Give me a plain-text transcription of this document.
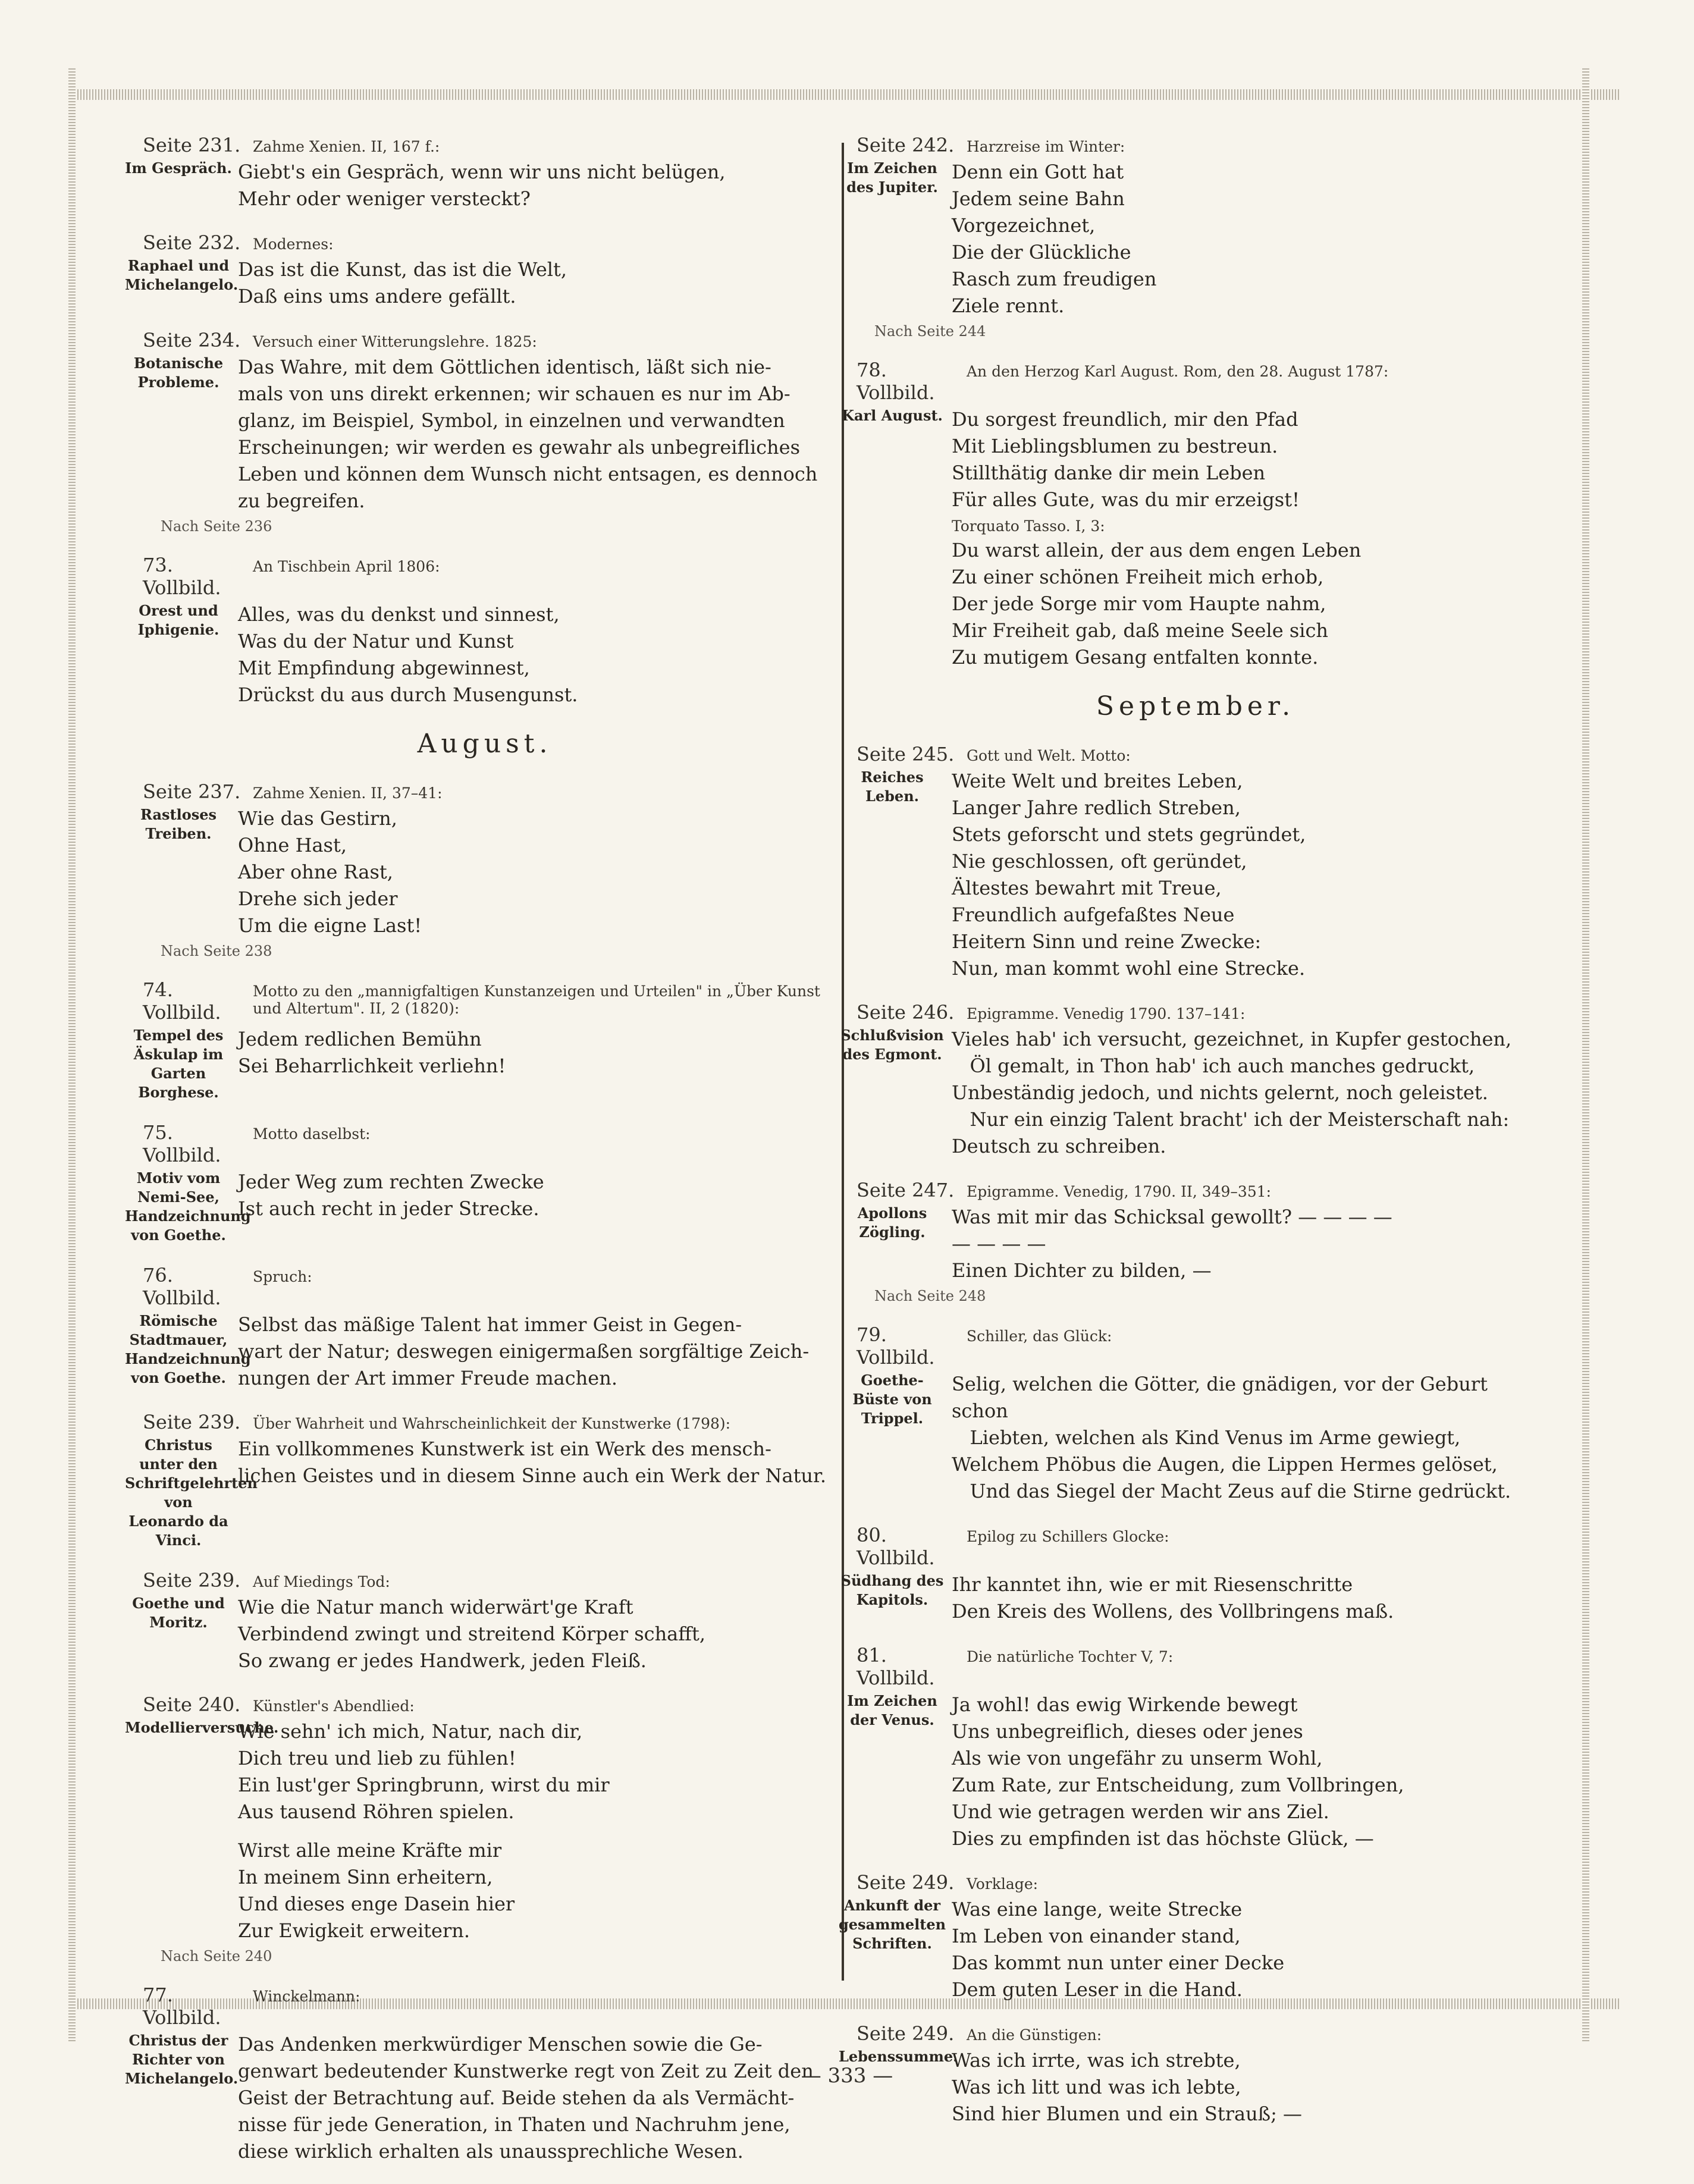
Seite 231. Zahme Xenien. II, 167 f.:
Im Gespräch. Giebt's ein Gespräch, wenn wir uns nicht belügen,
Mehr oder weniger versteckt?
Seite 232. Modernes:
Raphael und Michelangelo.
Das ist die Kunst, das ist die Welt,
Daß eins ums andere gefällt.
Seite 234. Versuch einer Witterungslehre. 1825:
Botanische Probleme.
Das Wahre, mit dem Göttlichen identisch, läßt sich nie-
mals von uns direkt erkennen; wir schauen es nur im Ab-
glanz, im Beispiel, Symbol, in einzelnen und verwandten
Erscheinungen; wir werden es gewahr als unbegreifliches
Leben und können dem Wunsch nicht entsagen, es dennoch
zu begreifen.
Nach Seite 236
73. Vollbild.
An Tischbein April 1806:
Orest und Iphigenie.
Alles, was du denkst und sinnest,
Was du der Natur und Kunst
Mit Empfindung abgewinnest,
Drückst du aus durch Musengunst.
August.
Seite 237. Zahme Xenien. II, 37–41:
Rastloses Treiben.
Wie das Gestirn,
Ohne Hast,
Aber ohne Rast,
Drehe sich jeder
Um die eigne Last!
Nach Seite 238
74. Vollbild.
Motto zu den „mannigfaltigen Kunstanzeigen und Urteilen" in „Über Kunst und Altertum". II, 2 (1820):
Tempel des Äskulap im Garten Borghese.
Jedem redlichen Bemühn
Sei Beharrlichkeit verliehn!
75. Vollbild.
Motto daselbst:
Motiv vom Nemi-See, Handzeichnung von Goethe.
Jeder Weg zum rechten Zwecke
Ist auch recht in jeder Strecke.
76. Vollbild.
Spruch:
Römische Stadtmauer, Handzeichnung von Goethe.
Selbst das mäßige Talent hat immer Geist in Gegen-
wart der Natur; deswegen einigermaßen sorgfältige Zeich-
nungen der Art immer Freude machen.
Seite 239. Über Wahrheit und Wahrscheinlichkeit der Kunstwerke (1798):
Christus unter den Schriftgelehrten von Leonardo da Vinci.
Ein vollkommenes Kunstwerk ist ein Werk des mensch-
lichen Geistes und in diesem Sinne auch ein Werk der Natur.
Seite 239. Auf Miedings Tod:
Goethe und Moritz.
Wie die Natur manch widerwärt'ge Kraft
Verbindend zwingt und streitend Körper schafft,
So zwang er jedes Handwerk, jeden Fleiß.
Seite 240. Künstler's Abendlied:
Modellierversuche.
Wie sehn' ich mich, Natur, nach dir,
Dich treu und lieb zu fühlen!
Ein lust'ger Springbrunn, wirst du mir
Aus tausend Röhren spielen.
Wirst alle meine Kräfte mir
In meinem Sinn erheitern,
Und dieses enge Dasein hier
Zur Ewigkeit erweitern.
Nach Seite 240
77. Vollbild.
Winckelmann:
Christus der Richter von Michelangelo.
Das Andenken merkwürdiger Menschen sowie die Ge-
genwart bedeutender Kunstwerke regt von Zeit zu Zeit den
Geist der Betrachtung auf. Beide stehen da als Vermächt-
nisse für jede Generation, in Thaten und Nachruhm jene,
diese wirklich erhalten als unaussprechliche Wesen.
Seite 242. Harzreise im Winter:
Im Zeichen des Jupiter.
Denn ein Gott hat
Jedem seine Bahn
Vorgezeichnet,
Die der Glückliche
Rasch zum freudigen
Ziele rennt.
Nach Seite 244
78. Vollbild.
An den Herzog Karl August. Rom, den 28. August 1787:
Karl August. Du sorgest freundlich, mir den Pfad
Mit Lieblingsblumen zu bestreun.
Stillthätig danke dir mein Leben
Für alles Gute, was du mir erzeigst!
Torquato Tasso. I, 3:
Du warst allein, der aus dem engen Leben
Zu einer schönen Freiheit mich erhob,
Der jede Sorge mir vom Haupte nahm,
Mir Freiheit gab, daß meine Seele sich
Zu mutigem Gesang entfalten konnte.
September.
Seite 245. Gott und Welt. Motto:
Reiches Leben.
Weite Welt und breites Leben,
Langer Jahre redlich Streben,
Stets geforscht und stets gegründet,
Nie geschlossen, oft geründet,
Ältestes bewahrt mit Treue,
Freundlich aufgefaßtes Neue
Heitern Sinn und reine Zwecke:
Nun, man kommt wohl eine Strecke.
Seite 246. Epigramme. Venedig 1790. 137–141:
Schlußvision des Egmont.
Vieles hab' ich versucht, gezeichnet, in Kupfer gestochen,
Öl gemalt, in Thon hab' ich auch manches gedruckt,
Unbeständig jedoch, und nichts gelernt, noch geleistet.
Nur ein einzig Talent bracht' ich der Meisterschaft nah:
Deutsch zu schreiben.
Seite 247. Epigramme. Venedig, 1790. II, 349–351:
Apollons Zögling.
Was mit mir das Schicksal gewollt? — — — —
— — — —
Einen Dichter zu bilden, —
Nach Seite 248
79. Vollbild.
Schiller, das Glück:
Goethe-Büste von Trippel.
Selig, welchen die Götter, die gnädigen, vor der Geburt schon
Liebten, welchen als Kind Venus im Arme gewiegt,
Welchem Phöbus die Augen, die Lippen Hermes gelöset,
Und das Siegel der Macht Zeus auf die Stirne gedrückt.
80. Vollbild.
Epilog zu Schillers Glocke:
Südhang des Kapitols.
Ihr kanntet ihn, wie er mit Riesenschritte
Den Kreis des Wollens, des Vollbringens maß.
81. Vollbild.
Die natürliche Tochter V, 7:
Im Zeichen der Venus.
Ja wohl! das ewig Wirkende bewegt
Uns unbegreiflich, dieses oder jenes
Als wie von ungefähr zu unserm Wohl,
Zum Rate, zur Entscheidung, zum Vollbringen,
Und wie getragen werden wir ans Ziel.
Dies zu empfinden ist das höchste Glück, —
Seite 249. Vorklage:
Ankunft der gesammelten Schriften.
Was eine lange, weite Strecke
Im Leben von einander stand,
Das kommt nun unter einer Decke
Dem guten Leser in die Hand.
Seite 249. An die Günstigen:
Lebenssumme.
Was ich irrte, was ich strebte,
Was ich litt und was ich lebte,
Sind hier Blumen und ein Strauß; —
— 333 —
